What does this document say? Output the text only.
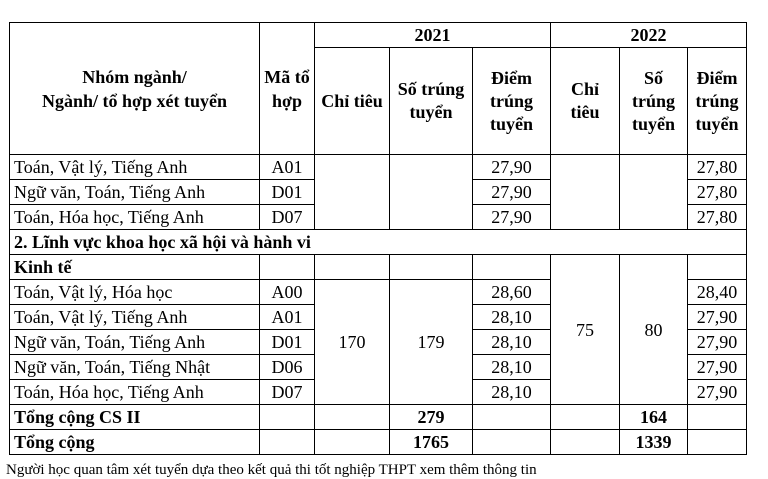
Nhóm ngành/
Ngành/ tổ hợp xét tuyển	Mã tổ hợp	2021			2022		
		Chỉ tiêu	Số trúng tuyển	Điểm trúng tuyển	Chỉ tiêu	Số trúng tuyển	Điểm trúng tuyển
Toán, Vật lý, Tiếng Anh	A01			27,90			27,80
Ngữ văn, Toán, Tiếng Anh	D01			27,90			27,80
Toán, Hóa học, Tiếng Anh	D07			27,90			27,80
2. Lĩnh vực khoa học xã hội và hành vi							
Kinh tế					75	80	
Toán, Vật lý, Hóa học	A00	170	179	28,60			28,40
Toán, Vật lý, Tiếng Anh	A01			28,10			27,90
Ngữ văn, Toán, Tiếng Anh	D01			28,10			27,90
Ngữ văn, Toán, Tiếng Nhật	D06			28,10			27,90
Toán, Hóa học, Tiếng Anh	D07			28,10			27,90
Tổng cộng CS II			279			164	
Tổng cộng			1765			1339	
Người học quan tâm xét tuyển dựa theo kết quả thi tốt nghiệp THPT xem thêm thông tin
